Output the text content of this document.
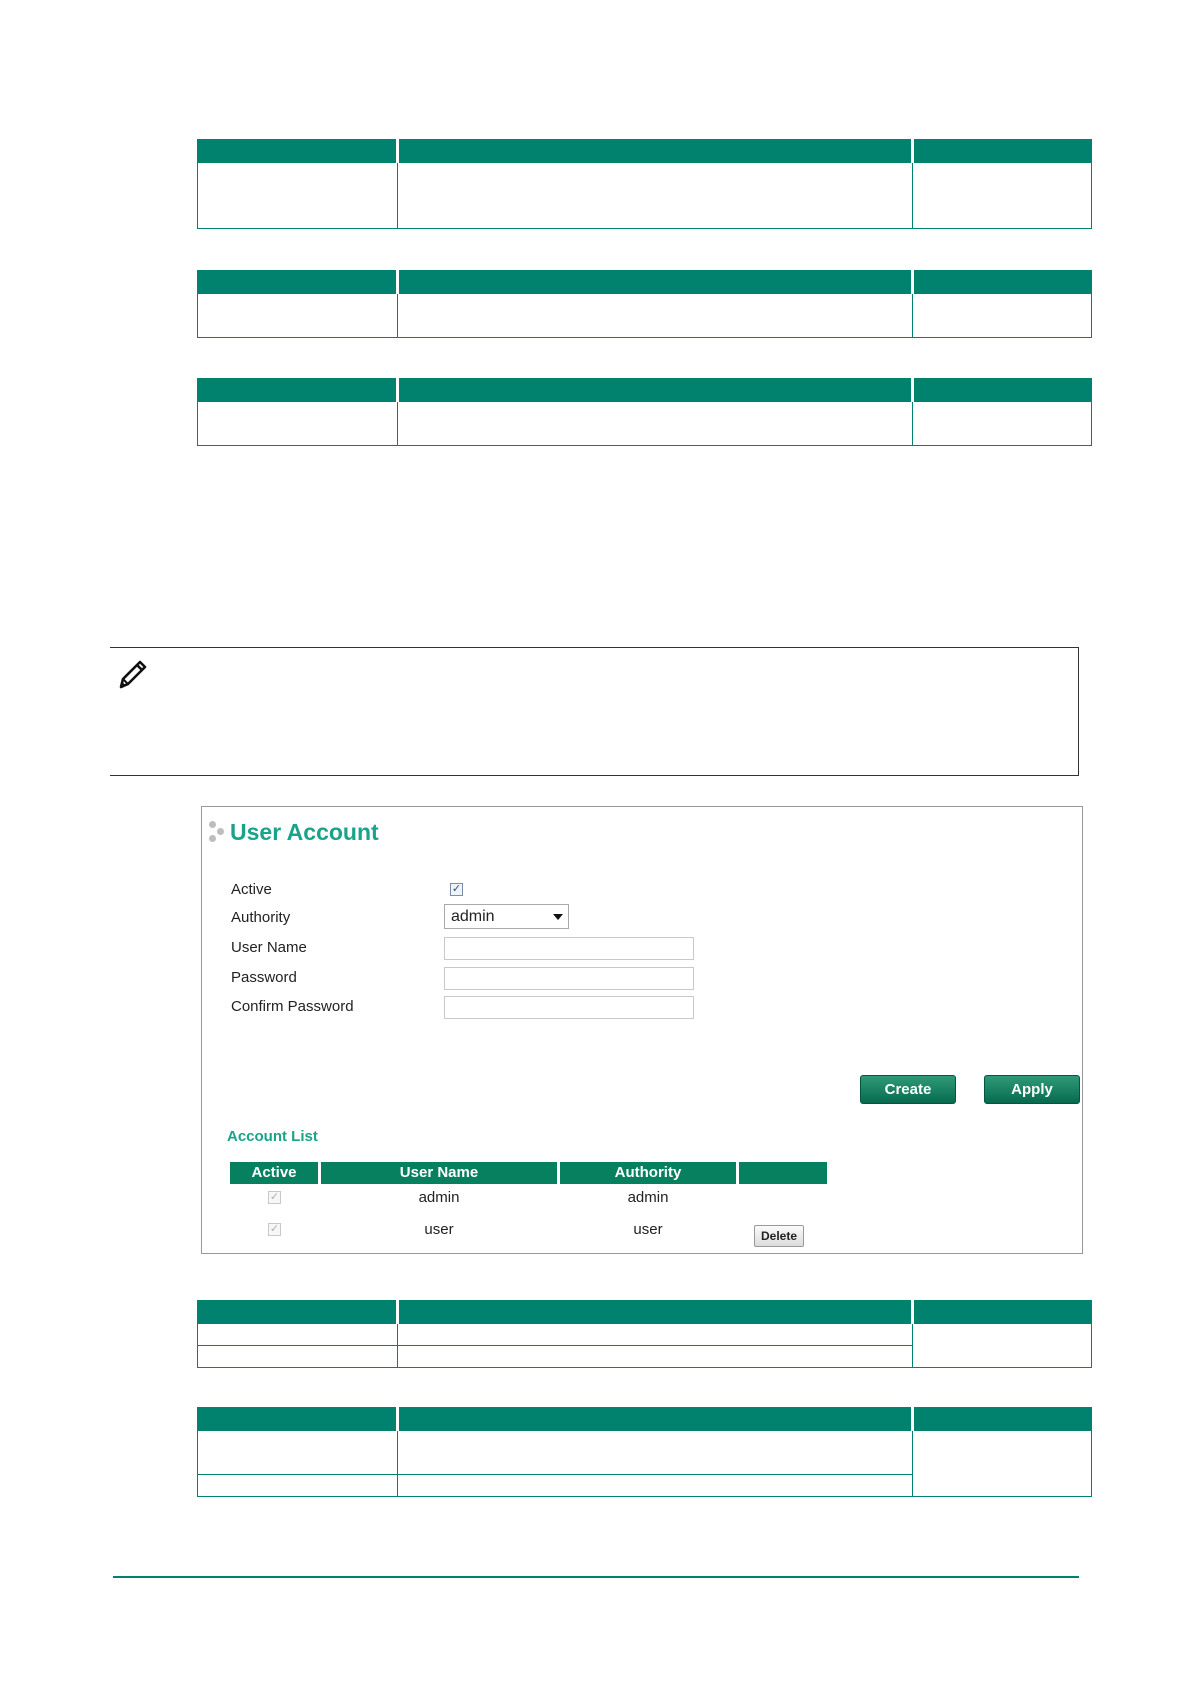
User Account
Active	✓
Authority	admin
User Name
Password
Confirm Password
Create	Apply
Account List
Active	User Name	Authority
✓	admin	admin
✓	user	user	Delete
